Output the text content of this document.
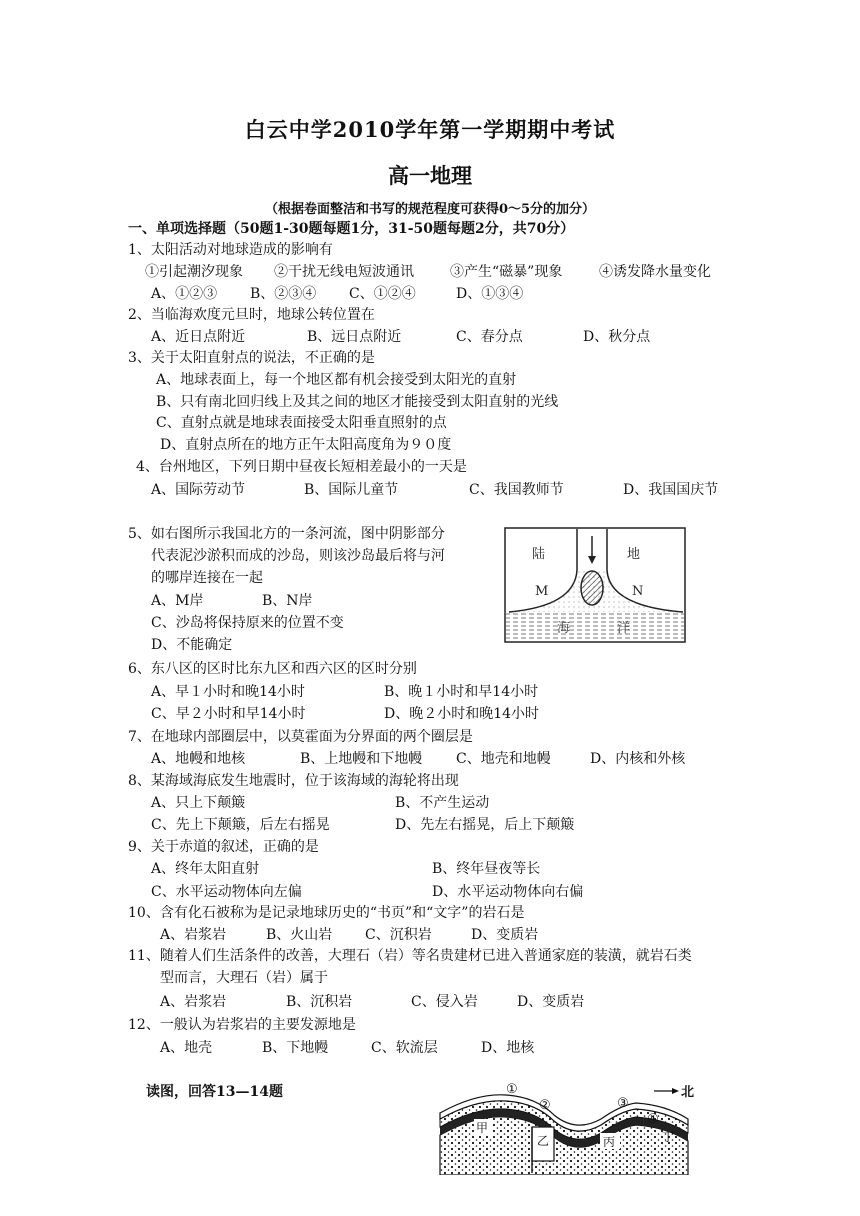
白云中学2010学年第一学期期中考试
高一地理
（根据卷面整洁和书写的规范程度可获得0～5分的加分）
一、单项选择题（50题1-30题每题1分，31-50题每题2分，共70分）
1、太阳活动对地球造成的影响有
①引起潮汐现象 ②干扰无线电短波通讯	③产生“磁暴”现象	④诱发降水量变化
A、①②③ B、②③④ C、①②④	D、①③④
2、当临海欢度元旦时，地球公转位置在
A、近日点附近	B、远日点附近	C、春分点	D、秋分点
3、关于太阳直射点的说法，不正确的是
A、地球表面上，每一个地区都有机会接受到太阳光的直射
B、只有南北回归线上及其之间的地区才能接受到太阳直射的光线
C、直射点就是地球表面接受太阳垂直照射的点
D、直射点所在的地方正午太阳高度角为９０度
4、台州地区，下列日期中昼夜长短相差最小的一天是
A、国际劳动节	B、国际儿童节	C、我国教师节	D、我国国庆节
5、如右图所示我国北方的一条河流，图中阴影部分
代表泥沙淤积而成的沙岛，则该沙岛最后将与河
的哪岸连接在一起
A、M岸	B、N岸
C、沙岛将保持原来的位置不变
D、不能确定
陆	地
M	N
海	洋
6、东八区的区时比东九区和西六区的区时分别
A、早１小时和晚14小时	B、晚１小时和早14小时
C、早２小时和早14小时	D、晚２小时和晚14小时
7、在地球内部圈层中，以莫霍面为分界面的两个圈层是
A、地幔和地核	B、上地幔和下地幔 C、地壳和地幔	D、内核和外核
8、某海域海底发生地震时，位于该海域的海轮将出现
A、只上下颠簸	B、不产生运动
C、先上下颠簸，后左右摇晃	D、先左右摇晃，后上下颠簸
9、关于赤道的叙述，正确的是
A、终年太阳直射	B、终年昼夜等长
C、水平运动物体向左偏	D、水平运动物体向右偏
10、含有化石被称为是记录地球历史的“书页”和“文字”的岩石是
A、岩浆岩	B、火山岩 C、沉积岩	D、变质岩
11、随着人们生活条件的改善，大理石（岩）等名贵建材已进入普通家庭的装潢，就岩石类
型而言，大理石（岩）属于
A、岩浆岩	B、沉积岩	C、侵入岩	D、变质岩
12、一般认为岩浆岩的主要发源地是
A、地壳	B、下地幔	C、软流层	D、地核
读图，回答13—14题	北
①
②	③
④
甲
乙	丙	丁
